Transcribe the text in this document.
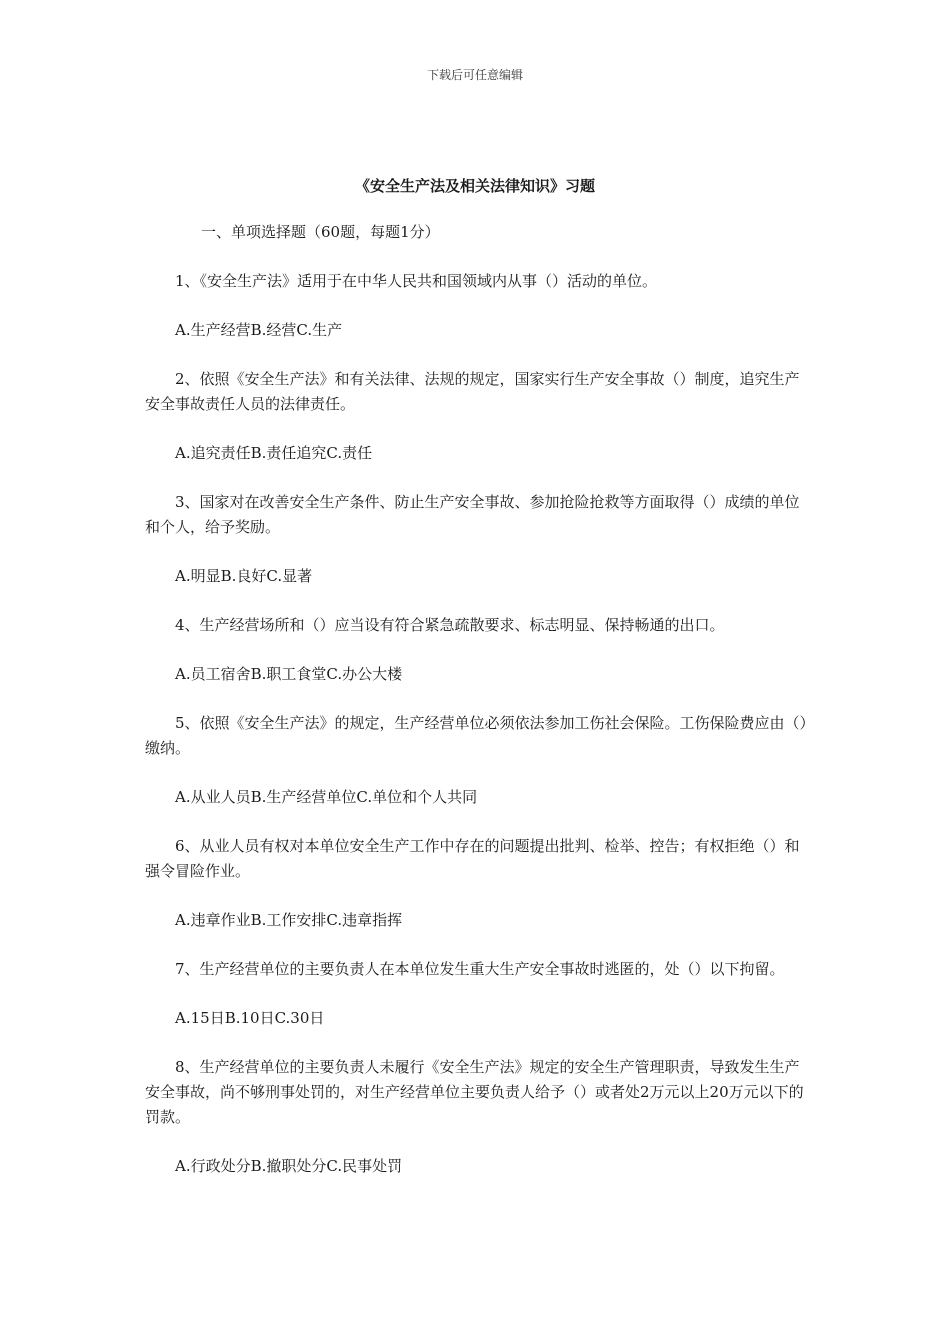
下载后可任意编辑
《安全生产法及相关法律知识》习题

一、单项选择题（60题，每题1分）

1、《安全生产法》适用于在中华人民共和国领域内从事（）活动的单位。

A.生产经营B.经营C.生产

2、依照《安全生产法》和有关法律、法规的规定，国家实行生产安全事故（）制度，追究生产安全事故责任人员的法律责任。

A.追究责任B.责任追究C.责任

3、国家对在改善安全生产条件、防止生产安全事故、参加抢险抢救等方面取得（）成绩的单位和个人，给予奖励。

A.明显B.良好C.显著

4、生产经营场所和（）应当设有符合紧急疏散要求、标志明显、保持畅通的出口。

A.员工宿舍B.职工食堂C.办公大楼

5、依照《安全生产法》的规定，生产经营单位必须依法参加工伤社会保险。工伤保险费应由（）缴纳。

A.从业人员B.生产经营单位C.单位和个人共同

6、从业人员有权对本单位安全生产工作中存在的问题提出批判、检举、控告；有权拒绝（）和强令冒险作业。

A.违章作业B.工作安排C.违章指挥

7、生产经营单位的主要负责人在本单位发生重大生产安全事故时逃匿的，处（）以下拘留。

A.15日B.10日C.30日

8、生产经营单位的主要负责人未履行《安全生产法》规定的安全生产管理职责，导致发生生产安全事故，尚不够刑事处罚的，对生产经营单位主要负责人给予（）或者处2万元以上20万元以下的罚款。

A.行政处分B.撤职处分C.民事处罚
